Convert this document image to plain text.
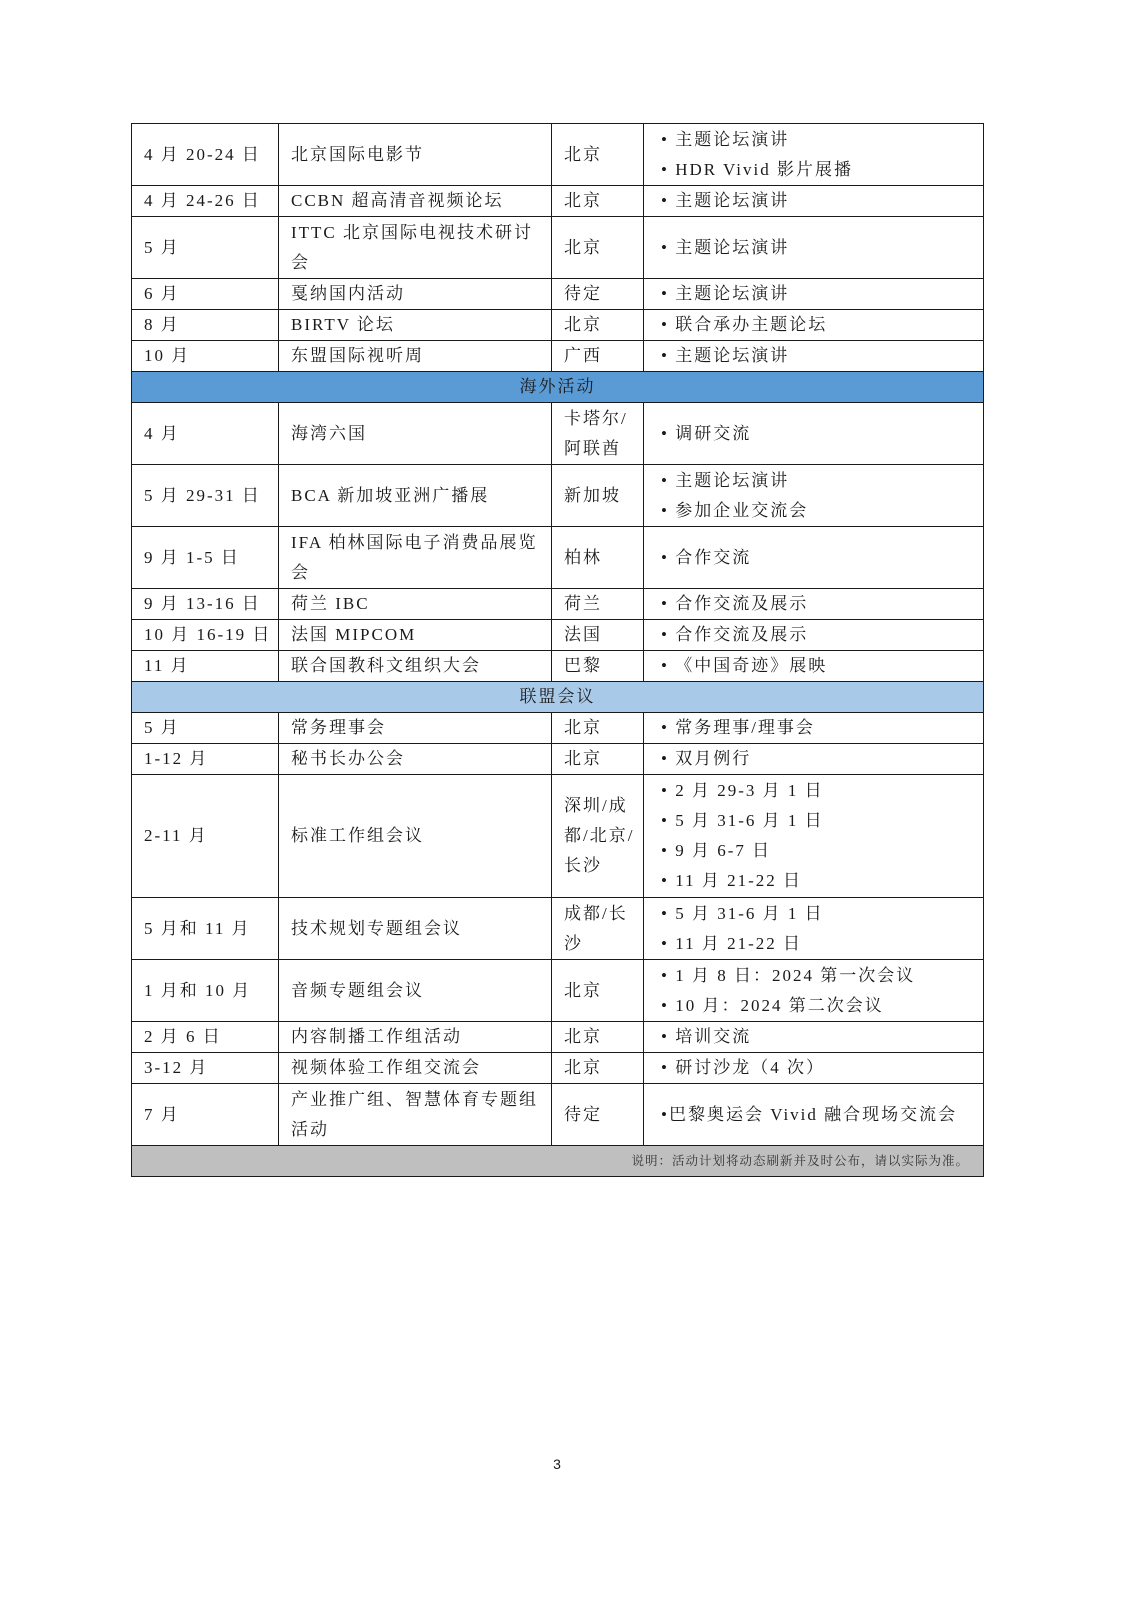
4 月 20-24 日	北京国际电影节	北京	• 主题论坛演讲
• HDR Vivid 影片展播

4 月 24-26 日	CCBN 超高清音视频论坛	北京	• 主题论坛演讲

5 月	ITTC 北京国际电视技术研讨会	北京	• 主题论坛演讲

6 月	戛纳国内活动	待定	• 主题论坛演讲

8 月	BIRTV 论坛	北京	• 联合承办主题论坛

10 月	东盟国际视听周	广西	• 主题论坛演讲

海外活动			
4 月	海湾六国	卡塔尔/阿联酋	• 调研交流

5 月 29-31 日	BCA 新加坡亚洲广播展	新加坡	• 主题论坛演讲
• 参加企业交流会

9 月 1-5 日	IFA 柏林国际电子消费品展览会	柏林	• 合作交流

9 月 13-16 日	荷兰 IBC	荷兰	• 合作交流及展示

10 月 16-19 日	法国 MIPCOM	法国	• 合作交流及展示

11 月	联合国教科文组织大会	巴黎	• 《中国奇迹》展映

联盟会议			
5 月	常务理事会	北京	• 常务理事/理事会

1-12 月	秘书长办公会	北京	• 双月例行

2-11 月	标准工作组会议	深圳/成都/北京/长沙	• 2 月 29-3 月 1 日
• 5 月 31-6 月 1 日
• 9 月 6-7 日
• 11 月 21-22 日

5 月和 11 月	技术规划专题组会议	成都/长沙	• 5 月 31-6 月 1 日
• 11 月 21-22 日

1 月和 10 月	音频专题组会议	北京	• 1 月 8 日：2024 第一次会议
• 10 月：2024 第二次会议

2 月 6 日	内容制播工作组活动	北京	• 培训交流

3-12 月	视频体验工作组交流会	北京	• 研讨沙龙（4 次）

7 月	产业推广组、智慧体育专题组活动	待定	•巴黎奥运会 Vivid 融合现场交流会

说明：活动计划将动态刷新并及时公布，请以实际为准。			
3
